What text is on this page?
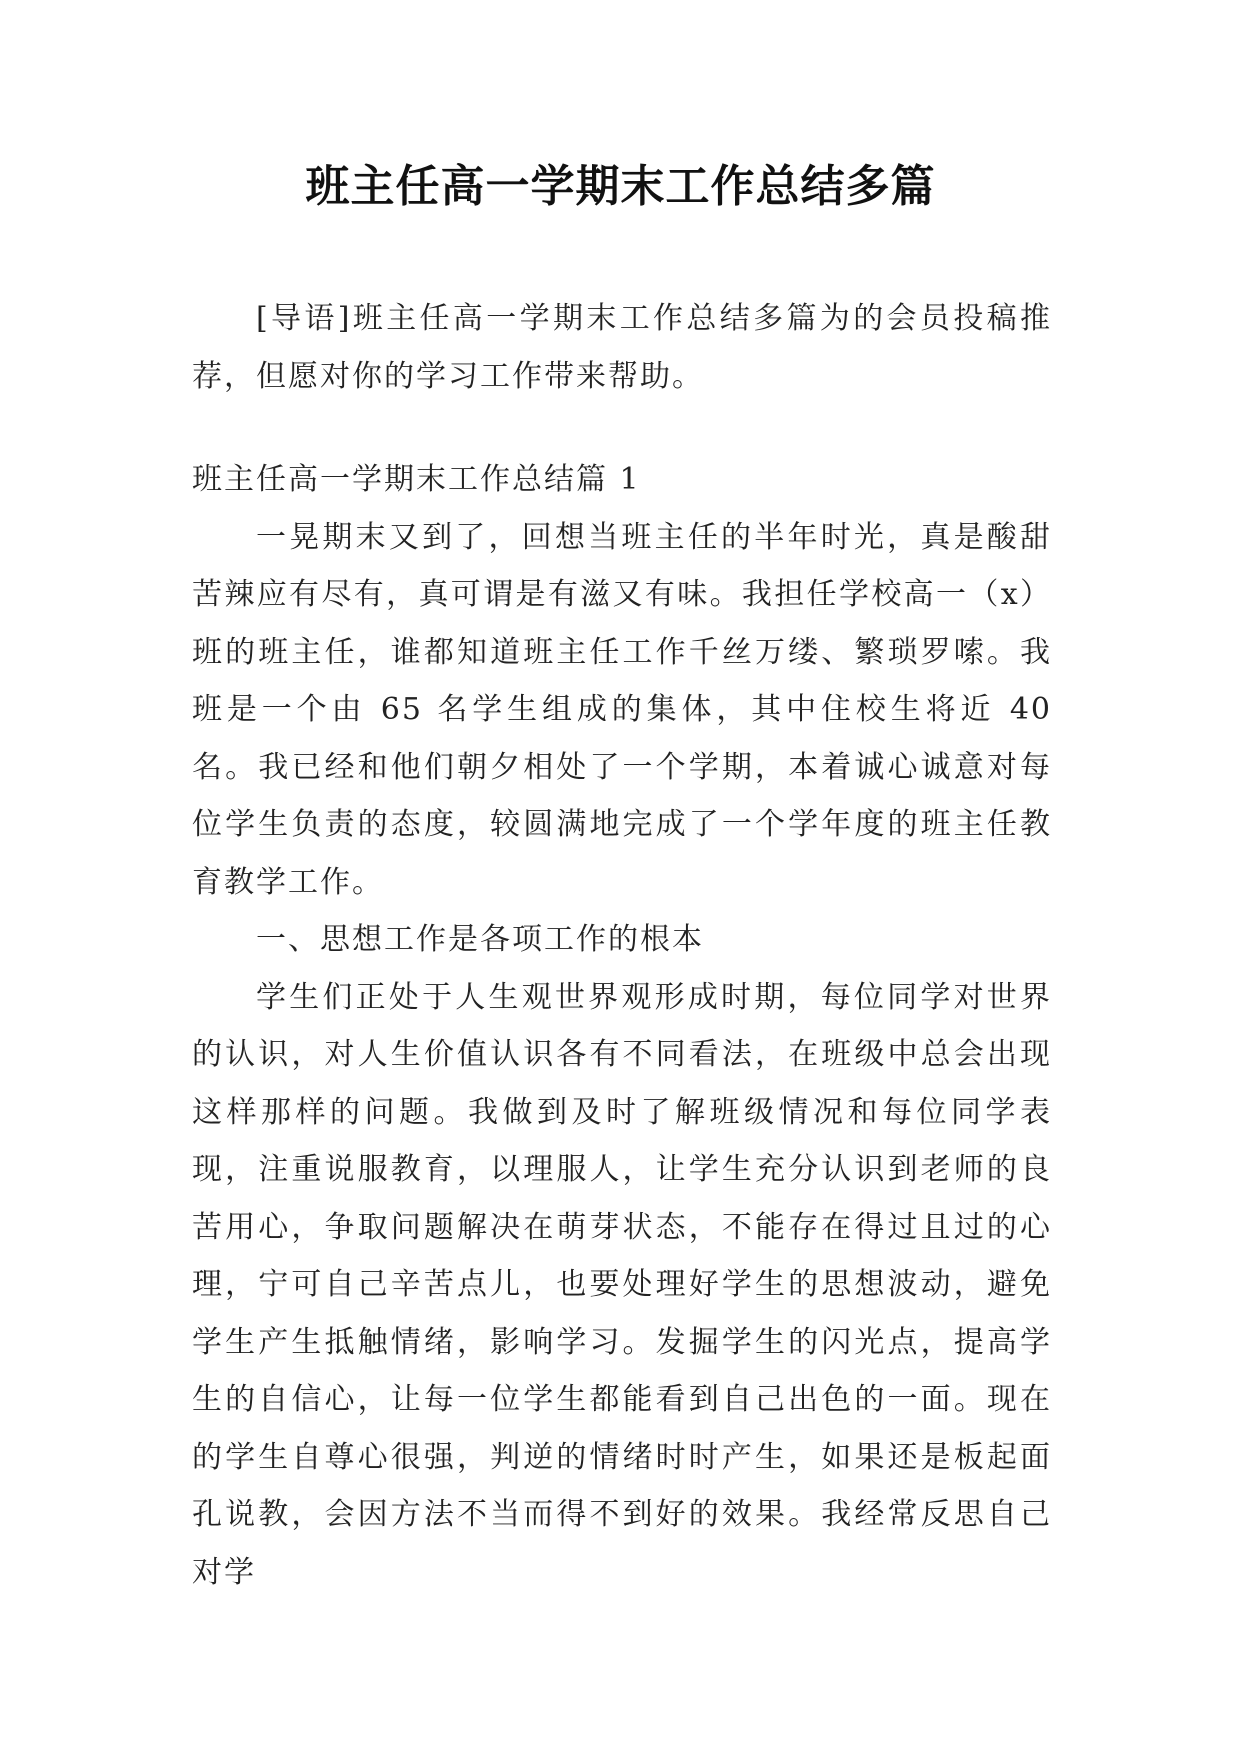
班主任高一学期末工作总结多篇

[导语]班主任高一学期末工作总结多篇为的会员投稿推荐，但愿对你的学习工作带来帮助。

班主任高一学期末工作总结篇 1

一晃期末又到了，回想当班主任的半年时光，真是酸甜苦辣应有尽有，真可谓是有滋又有味。我担任学校高一（x）班的班主任，谁都知道班主任工作千丝万缕、繁琐罗嗦。我班是一个由 65 名学生组成的集体，其中住校生将近 40 名。我已经和他们朝夕相处了一个学期，本着诚心诚意对每位学生负责的态度，较圆满地完成了一个学年度的班主任教育教学工作。

一、思想工作是各项工作的根本

学生们正处于人生观世界观形成时期，每位同学对世界的认识，对人生价值认识各有不同看法，在班级中总会出现这样那样的问题。我做到及时了解班级情况和每位同学表现，注重说服教育，以理服人，让学生充分认识到老师的良苦用心，争取问题解决在萌芽状态，不能存在得过且过的心理，宁可自己辛苦点儿，也要处理好学生的思想波动，避免学生产生抵触情绪，影响学习。发掘学生的闪光点，提高学生的自信心，让每一位学生都能看到自己出色的一面。现在的学生自尊心很强，判逆的情绪时时产生，如果还是板起面孔说教，会因方法不当而得不到好的效果。我经常反思自己对学
